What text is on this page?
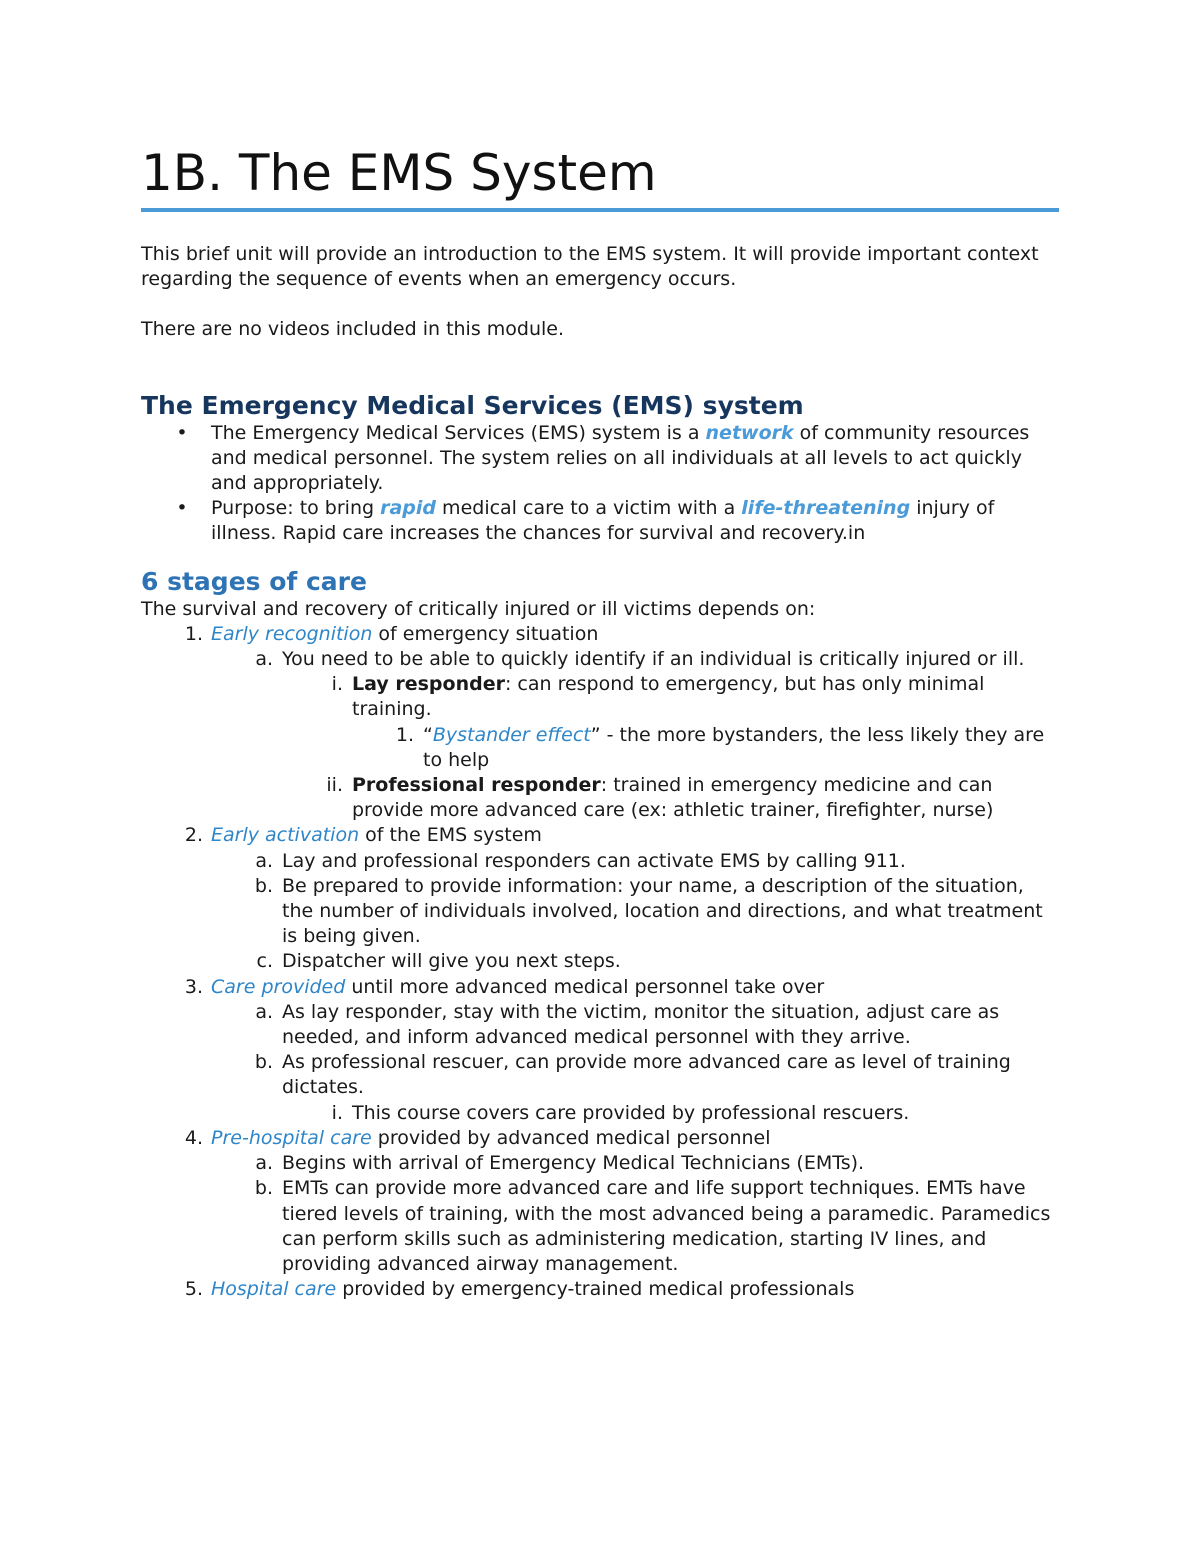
1B. The EMS System

This brief unit will provide an introduction to the EMS system. It will provide important context regarding the sequence of events when an emergency occurs.

There are no videos included in this module.

The Emergency Medical Services (EMS) system
• The Emergency Medical Services (EMS) system is a network of community resources and medical personnel. The system relies on all individuals at all levels to act quickly and appropriately.
• Purpose: to bring rapid medical care to a victim with a life-threatening injury of illness. Rapid care increases the chances for survival and recovery.in
6 stages of care

The survival and recovery of critically injured or ill victims depends on:

1. Early recognition of emergency situation
a. You need to be able to quickly identify if an individual is critically injured or ill.
i. Lay responder: can respond to emergency, but has only minimal training.
1. “Bystander effect” - the more bystanders, the less likely they are to help
ii. Professional responder: trained in emergency medicine and can provide more advanced care (ex: athletic trainer, firefighter, nurse)
2. Early activation of the EMS system
a. Lay and professional responders can activate EMS by calling 911.
b. Be prepared to provide information: your name, a description of the situation, the number of individuals involved, location and directions, and what treatment is being given.
c. Dispatcher will give you next steps.
3. Care provided until more advanced medical personnel take over
a. As lay responder, stay with the victim, monitor the situation, adjust care as needed, and inform advanced medical personnel with they arrive.
b. As professional rescuer, can provide more advanced care as level of training dictates.
i. This course covers care provided by professional rescuers.
4. Pre-hospital care provided by advanced medical personnel
a. Begins with arrival of Emergency Medical Technicians (EMTs).
b. EMTs can provide more advanced care and life support techniques. EMTs have tiered levels of training, with the most advanced being a paramedic. Paramedics can perform skills such as administering medication, starting IV lines, and providing advanced airway management.
5. Hospital care provided by emergency-trained medical professionals
